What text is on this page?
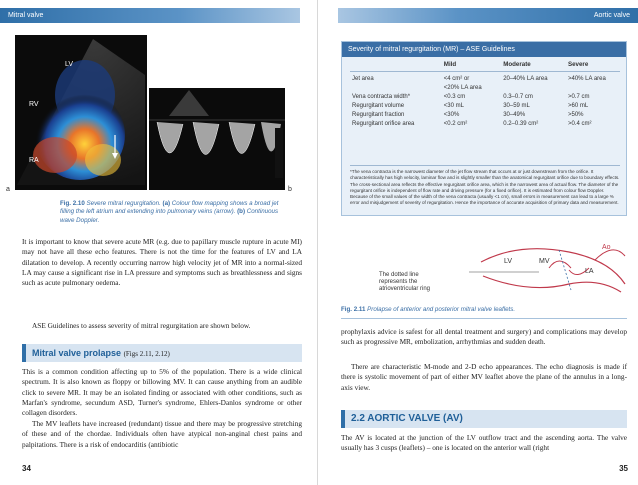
Mitral valve
LV
RV
RA
a	b
Fig. 2.10 Severe mitral regurgitation. (a) Colour flow mapping shows a broad jet filling the left atrium and extending into pulmonary veins (arrow). (b) Continuous wave Doppler.

It is important to know that severe acute MR (e.g. due to papillary muscle rupture in acute MI) may not have all these echo features. There is not the time for the features of LV and LA dilatation to develop. A recently occurring narrow high velocity jet of MR into a normal-sized LA may cause a significant rise in LA pressure and symptoms such as breathlessness and signs such as acute pulmonary oedema.

ASE Guidelines to assess severity of mitral regurgitation are shown below.

Mitral valve prolapse (Figs 2.11, 2.12)

This is a common condition affecting up to 5% of the population. There is a wide clinical spectrum. It is also known as floppy or billowing MV. It can cause anything from an audible click to severe MR. It may be an isolated finding or associated with other conditions, such as Marfan's syndrome, secundum ASD, Turner's syndrome, Ehlers-Danlos syndrome or other collagen disorders.

The MV leaflets have increased (redundant) tissue and there may be progressive stretching of these and of the chordae. Individuals often have atypical non-anginal chest pains and palpitations. There is a risk of endocarditis (antibiotic

34
Aortic valve
Severity of mitral regurgitation (MR) – ASE Guidelines
	Mild	Moderate	Severe
Jet area	<4 cm² or	20–40% LA area	>40% LA area
	<20% LA area		
Vena contracta width*	<0.3 cm	0.3–0.7 cm	>0.7 cm
Regurgitant volume	<30 mL	30–59 mL	>60 mL
Regurgitant fraction	<30%	30–49%	>50%
Regurgitant orifice area	<0.2 cm²	0.2–0.39 cm²	>0.4 cm²

*The vena contracta is the narrowest diameter of the jet flow stream that occurs at or just downstream from the orifice. It characteristically has high velocity, laminar flow and is slightly smaller than the anatomical regurgitant orifice due to boundary effects. The cross-sectional area reflects the effective regurgitant orifice area, which is the narrowest area of actual flow. The diameter of the regurgitant orifice is independent of flow rate and driving pressure (for a fixed orifice). It is estimated from colour flow Doppler. Because of the small values of the width of the vena contracta (usually <1 cm), small errors in measurement can lead to a large % error and misjudgement of severity of regurgitation. Hence the importance of accurate acquisition of primary data and measurement.

Ao
LV	MV
LA
The dotted line
represents the
atrioventricular ring
Fig. 2.11 Prolapse of anterior and posterior mitral valve leaflets.

prophylaxis advice is safest for all dental treatment and surgery) and complications may develop such as progressive MR, embolization, arrhythmias and sudden death.

There are characteristic M-mode and 2-D echo appearances. The echo diagnosis is made if there is systolic movement of part of either MV leaflet above the plane of the annulus in a long-axis view.

2.2 AORTIC VALVE (AV)

The AV is located at the junction of the LV outflow tract and the ascending aorta. The valve usually has 3 cusps (leaflets) – one is located on the anterior wall (right

35
